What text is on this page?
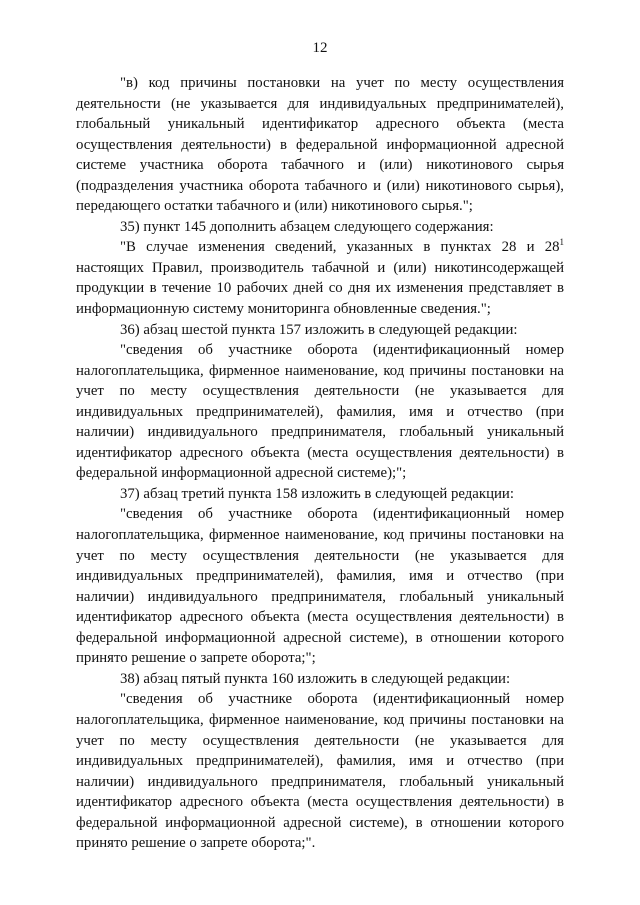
12

"в) код причины постановки на учет по месту осуществления деятельности (не указывается для индивидуальных предпринимателей), глобальный уникальный идентификатор адресного объекта (места осуществления деятельности) в федеральной информационной адресной системе участника оборота табачного и (или) никотинового сырья (подразделения участника оборота табачного и (или) никотинового сырья), передающего остатки табачного и (или) никотинового сырья.";

35) пункт 145 дополнить абзацем следующего содержания:

"В случае изменения сведений, указанных в пунктах 28 и $28^1$ настоящих Правил, производитель табачной и (или) никотинсодержащей продукции в течение 10 рабочих дней со дня их изменения представляет в информационную систему мониторинга обновленные сведения.";

36) абзац шестой пункта 157 изложить в следующей редакции:

"сведения об участнике оборота (идентификационный номер налогоплательщика, фирменное наименование, код причины постановки на учет по месту осуществления деятельности (не указывается для индивидуальных предпринимателей), фамилия, имя и отчество (при наличии) индивидуального предпринимателя, глобальный уникальный идентификатор адресного объекта (места осуществления деятельности) в федеральной информационной адресной системе);";

37) абзац третий пункта 158 изложить в следующей редакции:

"сведения об участнике оборота (идентификационный номер налогоплательщика, фирменное наименование, код причины постановки на учет по месту осуществления деятельности (не указывается для индивидуальных предпринимателей), фамилия, имя и отчество (при наличии) индивидуального предпринимателя, глобальный уникальный идентификатор адресного объекта (места осуществления деятельности) в федеральной информационной адресной системе), в отношении которого принято решение о запрете оборота;";

38) абзац пятый пункта 160 изложить в следующей редакции:

"сведения об участнике оборота (идентификационный номер налогоплательщика, фирменное наименование, код причины постановки на учет по месту осуществления деятельности (не указывается для индивидуальных предпринимателей), фамилия, имя и отчество (при наличии) индивидуального предпринимателя, глобальный уникальный идентификатор адресного объекта (места осуществления деятельности) в федеральной информационной адресной системе), в отношении которого принято решение о запрете оборота;".
